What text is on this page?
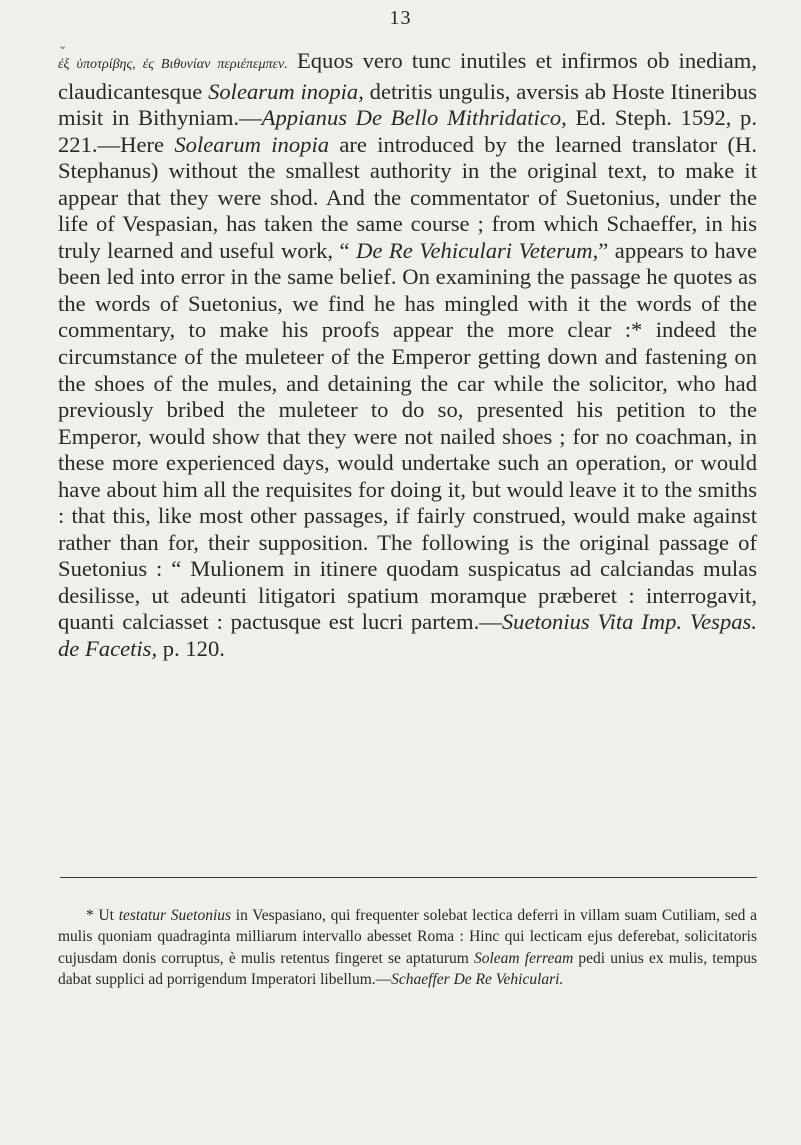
13
⌄

ἐξ ὑποτρίβης, ἐς Βιθυνίαν περιέπεμπεν. Equos vero tunc inutiles et infirmos ob inediam, claudicantesque Solearum inopia, detritis ungulis, aversis ab Hoste Itineribus misit in Bithyniam.—Appianus De Bello Mithridatico, Ed. Steph. 1592, p. 221.—Here Solearum inopia are introduced by the learned translator (H. Stephanus) without the smallest authority in the original text, to make it appear that they were shod. And the commentator of Suetonius, under the life of Vespasian, has taken the same course ; from which Schaeffer, in his truly learned and useful work, “ De Re Vehiculari Veterum,” appears to have been led into error in the same belief. On examining the passage he quotes as the words of Suetonius, we find he has mingled with it the words of the commentary, to make his proofs appear the more clear :* indeed the circumstance of the muleteer of the Emperor getting down and fastening on the shoes of the mules, and detaining the car while the solicitor, who had previously bribed the muleteer to do so, presented his petition to the Emperor, would show that they were not nailed shoes ; for no coachman, in these more experienced days, would undertake such an operation, or would have about him all the requisites for doing it, but would leave it to the smiths : that this, like most other passages, if fairly construed, would make against rather than for, their supposition. The following is the original passage of Suetonius : “ Mulionem in itinere quodam suspicatus ad calciandas mulas desilisse, ut adeunti litigatori spatium moramque præberet : interrogavit, quanti calciasset : pactusque est lucri partem.—Suetonius Vita Imp. Vespas. de Facetis, p. 120.

* Ut testatur Suetonius in Vespasiano, qui frequenter solebat lectica deferri in villam suam Cutiliam, sed a mulis quoniam quadraginta milliarum intervallo abesset Roma : Hinc qui lecticam ejus deferebat, solicitatoris cujusdam donis corruptus, è mulis retentus fingeret se aptaturum Soleam ferream pedi unius ex mulis, tempus dabat supplici ad porrigendum Imperatori libellum.—Schaeffer De Re Vehiculari.
